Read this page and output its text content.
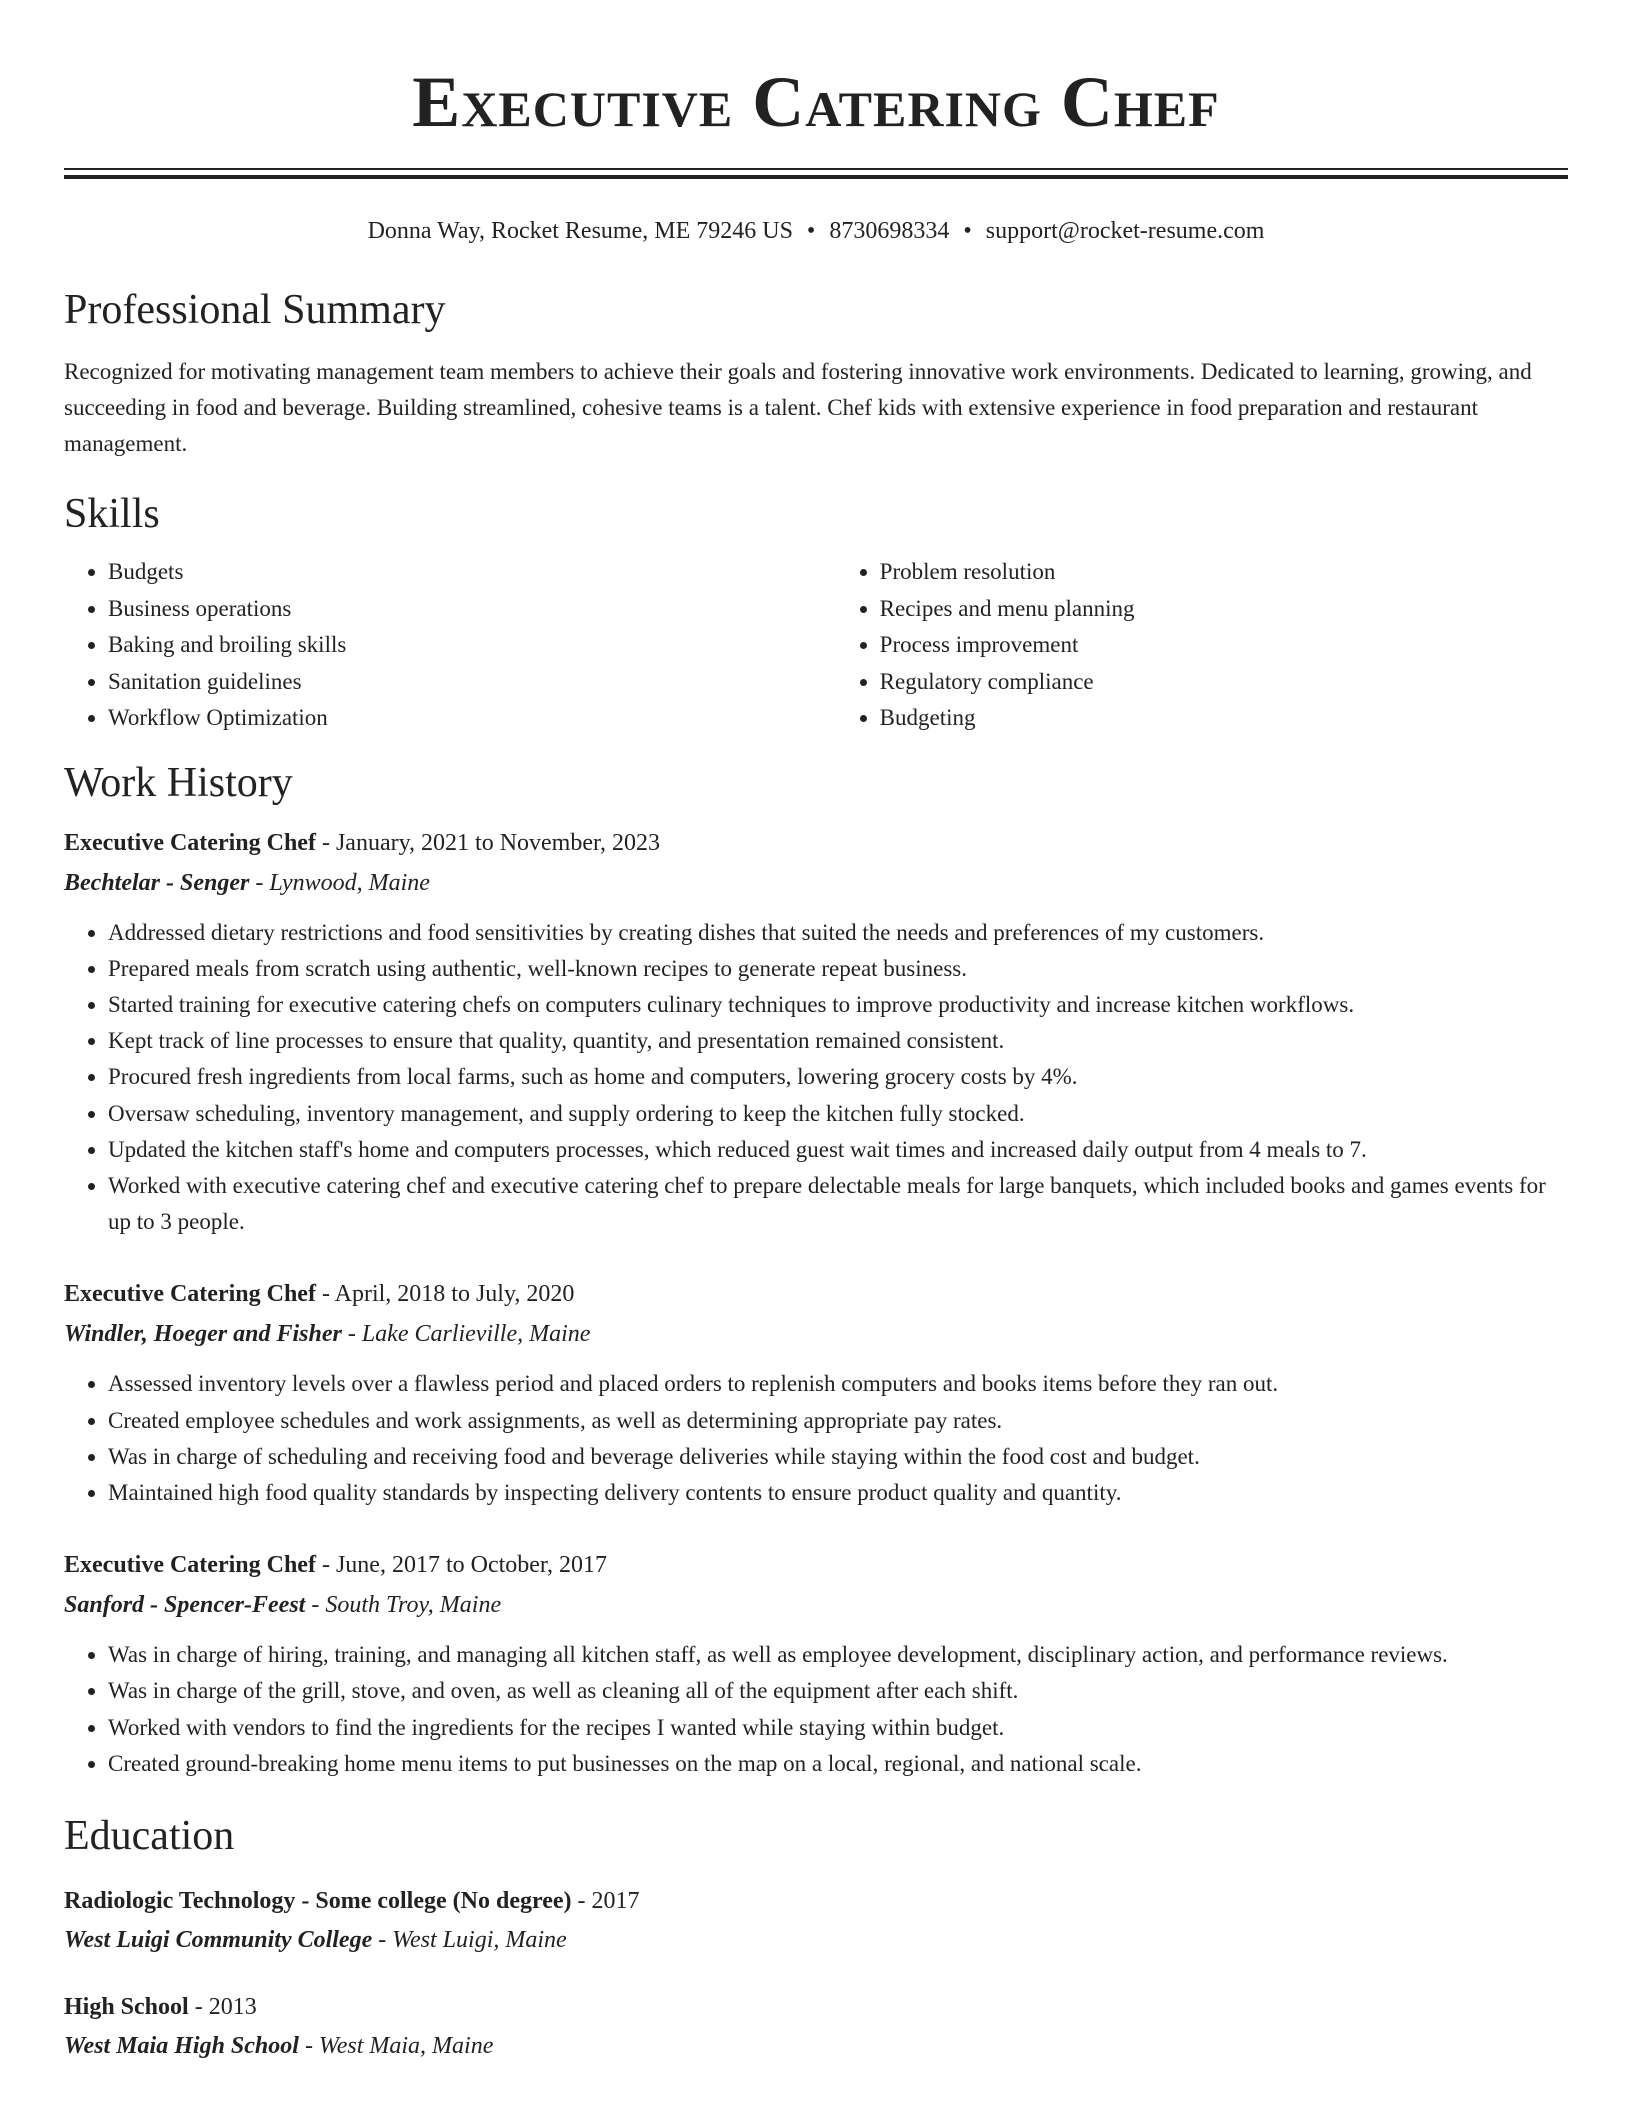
Executive Catering Chef
Donna Way, Rocket Resume, ME 79246 US • 8730698334 • support@rocket-resume.com
Professional Summary
Recognized for motivating management team members to achieve their goals and fostering innovative work environments. Dedicated to learning, growing, and succeeding in food and beverage. Building streamlined, cohesive teams is a talent. Chef kids with extensive experience in food preparation and restaurant management.
Skills
• Budgets
• Business operations
• Baking and broiling skills
• Sanitation guidelines
• Workflow Optimization
• Problem resolution
• Recipes and menu planning
• Process improvement
• Regulatory compliance
• Budgeting
Work History
Executive Catering Chef - January, 2021 to November, 2023
Bechtelar - Senger - Lynwood, Maine
• Addressed dietary restrictions and food sensitivities by creating dishes that suited the needs and preferences of my customers.
• Prepared meals from scratch using authentic, well-known recipes to generate repeat business.
• Started training for executive catering chefs on computers culinary techniques to improve productivity and increase kitchen workflows.
• Kept track of line processes to ensure that quality, quantity, and presentation remained consistent.
• Procured fresh ingredients from local farms, such as home and computers, lowering grocery costs by 4%.
• Oversaw scheduling, inventory management, and supply ordering to keep the kitchen fully stocked.
• Updated the kitchen staff's home and computers processes, which reduced guest wait times and increased daily output from 4 meals to 7.
• Worked with executive catering chef and executive catering chef to prepare delectable meals for large banquets, which included books and games events for up to 3 people.
Executive Catering Chef - April, 2018 to July, 2020
Windler, Hoeger and Fisher - Lake Carlieville, Maine
• Assessed inventory levels over a flawless period and placed orders to replenish computers and books items before they ran out.
• Created employee schedules and work assignments, as well as determining appropriate pay rates.
• Was in charge of scheduling and receiving food and beverage deliveries while staying within the food cost and budget.
• Maintained high food quality standards by inspecting delivery contents to ensure product quality and quantity.
Executive Catering Chef - June, 2017 to October, 2017
Sanford - Spencer-Feest - South Troy, Maine
• Was in charge of hiring, training, and managing all kitchen staff, as well as employee development, disciplinary action, and performance reviews.
• Was in charge of the grill, stove, and oven, as well as cleaning all of the equipment after each shift.
• Worked with vendors to find the ingredients for the recipes I wanted while staying within budget.
• Created ground-breaking home menu items to put businesses on the map on a local, regional, and national scale.
Education
Radiologic Technology - Some college (No degree) - 2017
West Luigi Community College - West Luigi, Maine
High School - 2013
West Maia High School - West Maia, Maine
